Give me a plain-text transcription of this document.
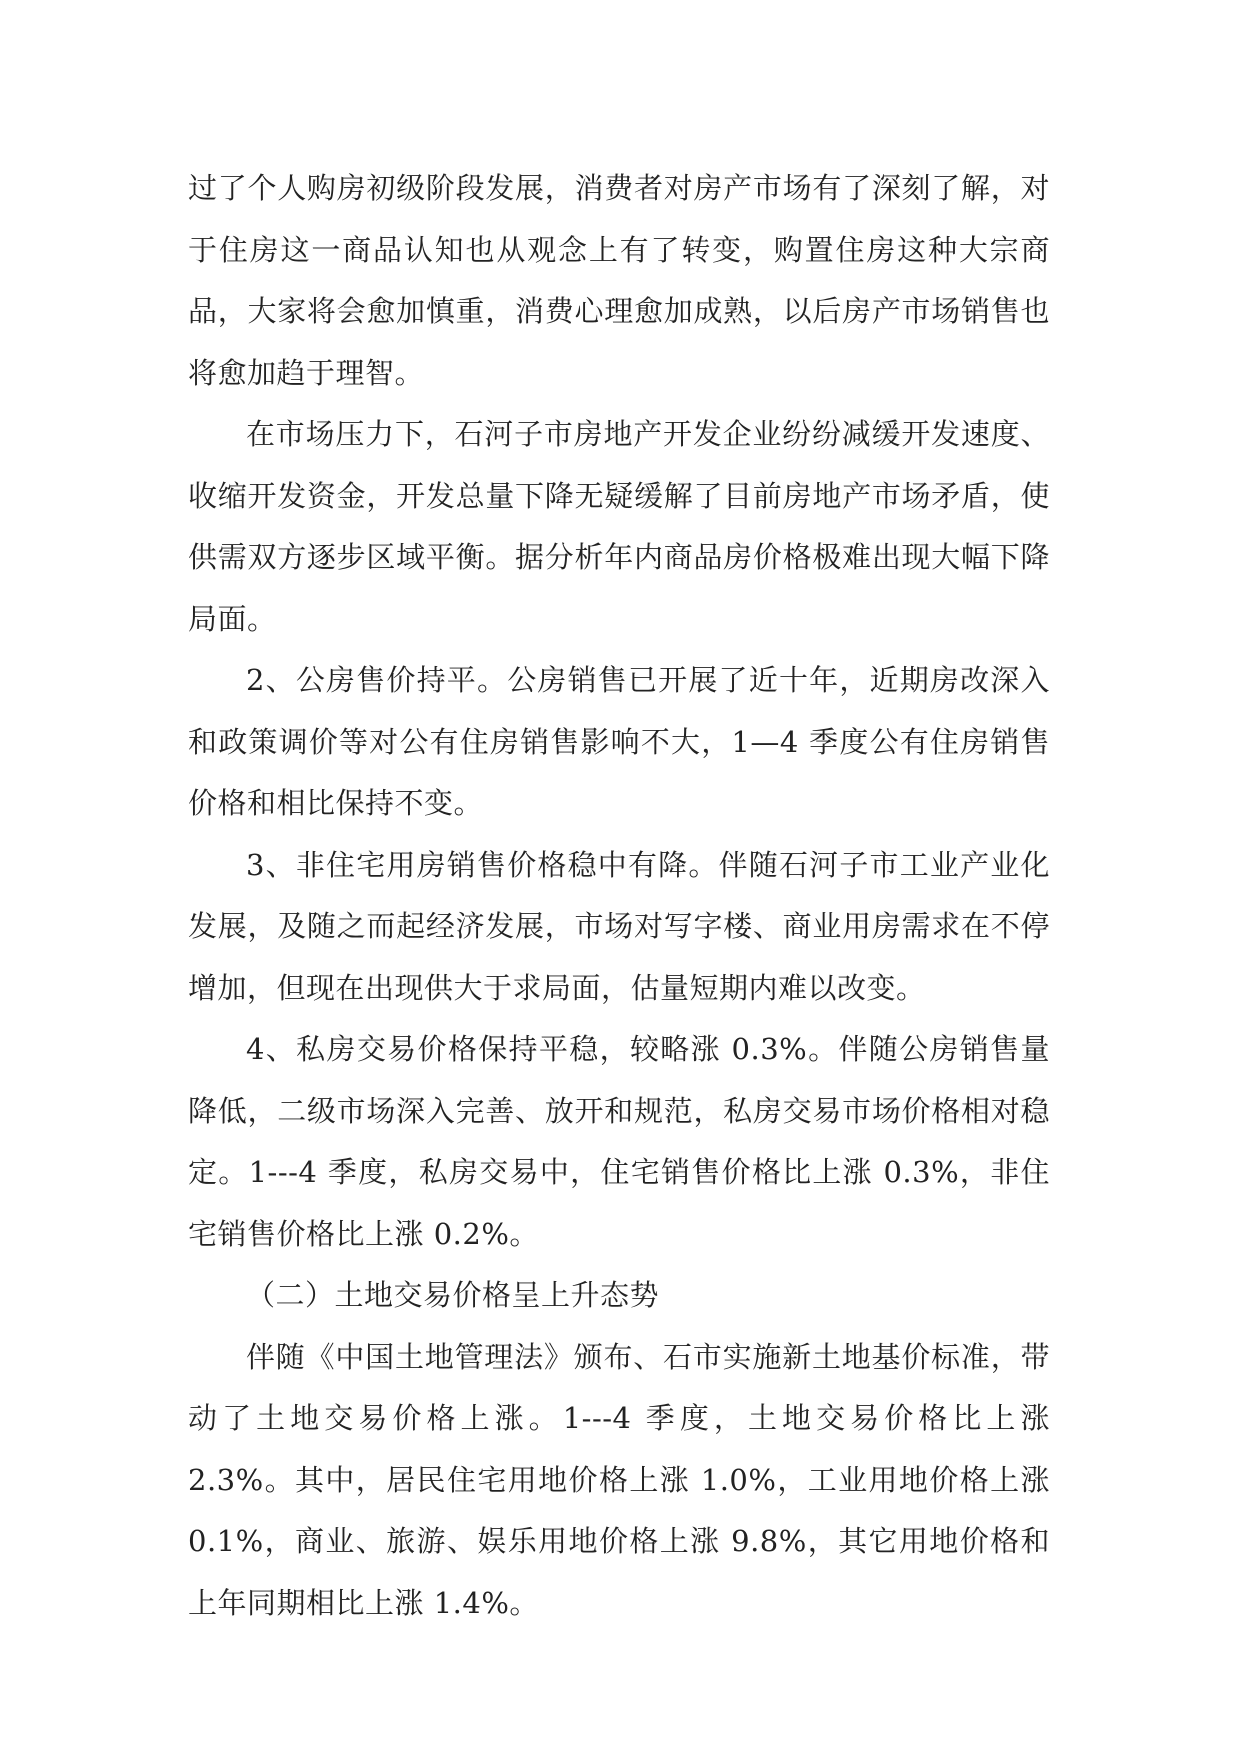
过了个人购房初级阶段发展，消费者对房产市场有了深刻了解，对于住房这一商品认知也从观念上有了转变，购置住房这种大宗商品，大家将会愈加慎重，消费心理愈加成熟，以后房产市场销售也将愈加趋于理智。

在市场压力下，石河子市房地产开发企业纷纷减缓开发速度、收缩开发资金，开发总量下降无疑缓解了目前房地产市场矛盾，使供需双方逐步区域平衡。据分析年内商品房价格极难出现大幅下降局面。

2、公房售价持平。公房销售已开展了近十年，近期房改深入和政策调价等对公有住房销售影响不大，1—4 季度公有住房销售价格和相比保持不变。

3、非住宅用房销售价格稳中有降。伴随石河子市工业产业化发展，及随之而起经济发展，市场对写字楼、商业用房需求在不停增加，但现在出现供大于求局面，估量短期内难以改变。

4、私房交易价格保持平稳，较略涨 0.3%。伴随公房销售量降低，二级市场深入完善、放开和规范，私房交易市场价格相对稳定。1---4 季度，私房交易中，住宅销售价格比上涨 0.3%，非住宅销售价格比上涨 0.2%。

（二）土地交易价格呈上升态势

伴随《中国土地管理法》颁布、石市实施新土地基价标准，带动了土地交易价格上涨。1---4 季度，土地交易价格比上涨 2.3%。其中，居民住宅用地价格上涨 1.0%，工业用地价格上涨 0.1%，商业、旅游、娱乐用地价格上涨 9.8%，其它用地价格和上年同期相比上涨 1.4%。
